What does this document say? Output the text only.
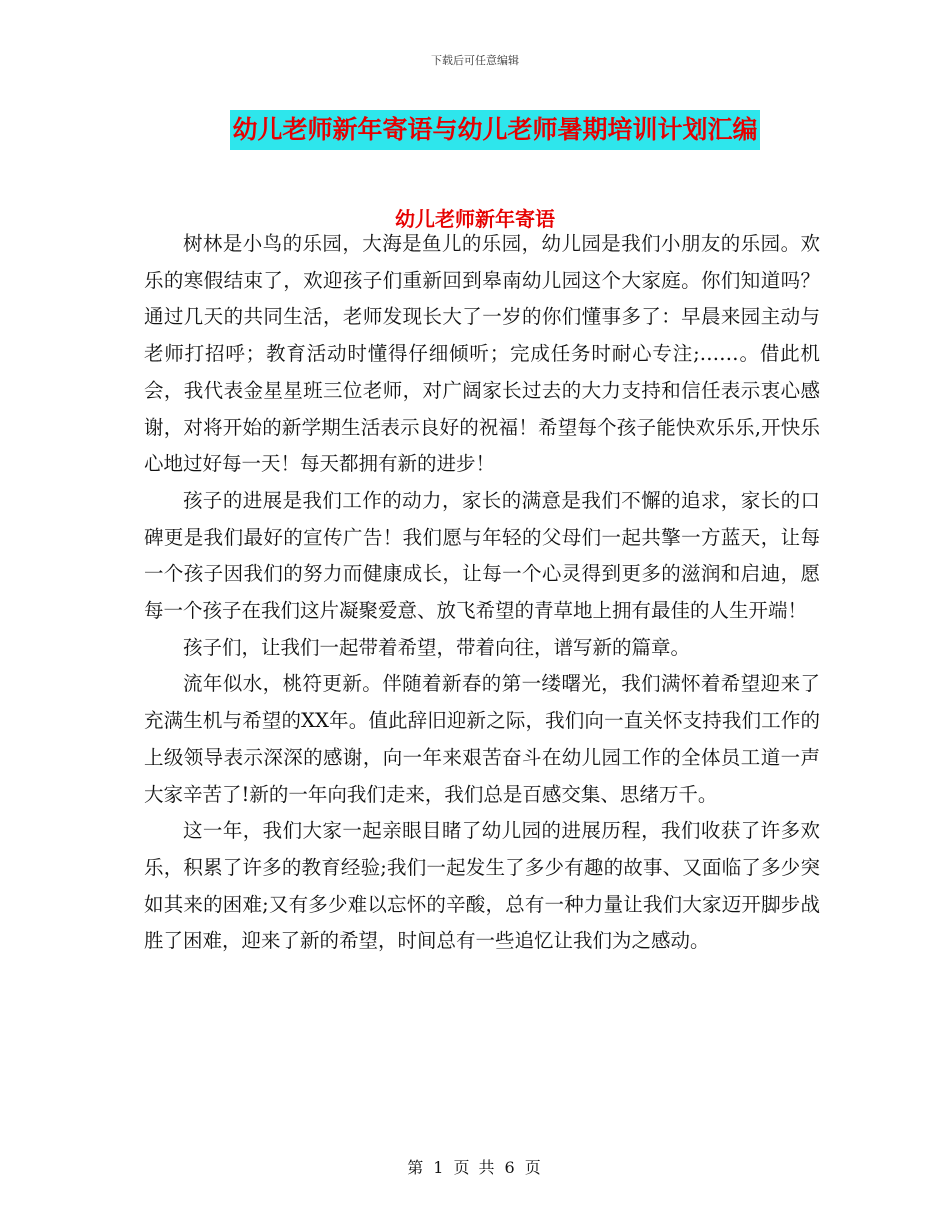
下载后可任意编辑
幼儿老师新年寄语与幼儿老师暑期培训计划汇编
幼儿老师新年寄语

树林是小鸟的乐园，大海是鱼儿的乐园，幼儿园是我们小朋友的乐园。欢乐的寒假结束了，欢迎孩子们重新回到皋南幼儿园这个大家庭。你们知道吗？通过几天的共同生活，老师发现长大了一岁的你们懂事多了：早晨来园主动与老师打招呼；教育活动时懂得仔细倾听；完成任务时耐心专注;……。借此机会，我代表金星星班三位老师，对广阔家长过去的大力支持和信任表示衷心感谢，对将开始的新学期生活表示良好的祝福！希望每个孩子能快欢乐乐,开快乐心地过好每一天！每天都拥有新的进步！

孩子的进展是我们工作的动力，家长的满意是我们不懈的追求，家长的口碑更是我们最好的宣传广告！我们愿与年轻的父母们一起共擎一方蓝天，让每一个孩子因我们的努力而健康成长，让每一个心灵得到更多的滋润和启迪，愿每一个孩子在我们这片凝聚爱意、放飞希望的青草地上拥有最佳的人生开端！

孩子们，让我们一起带着希望，带着向往，谱写新的篇章。

流年似水，桃符更新。伴随着新春的第一缕曙光，我们满怀着希望迎来了充满生机与希望的XX年。值此辞旧迎新之际，我们向一直关怀支持我们工作的上级领导表示深深的感谢，向一年来艰苦奋斗在幼儿园工作的全体员工道一声大家辛苦了!新的一年向我们走来，我们总是百感交集、思绪万千。

这一年，我们大家一起亲眼目睹了幼儿园的进展历程，我们收获了许多欢乐，积累了许多的教育经验;我们一起发生了多少有趣的故事、又面临了多少突如其来的困难;又有多少难以忘怀的辛酸，总有一种力量让我们大家迈开脚步战胜了困难，迎来了新的希望，时间总有一些追忆让我们为之感动。

第 1 页 共 6 页
